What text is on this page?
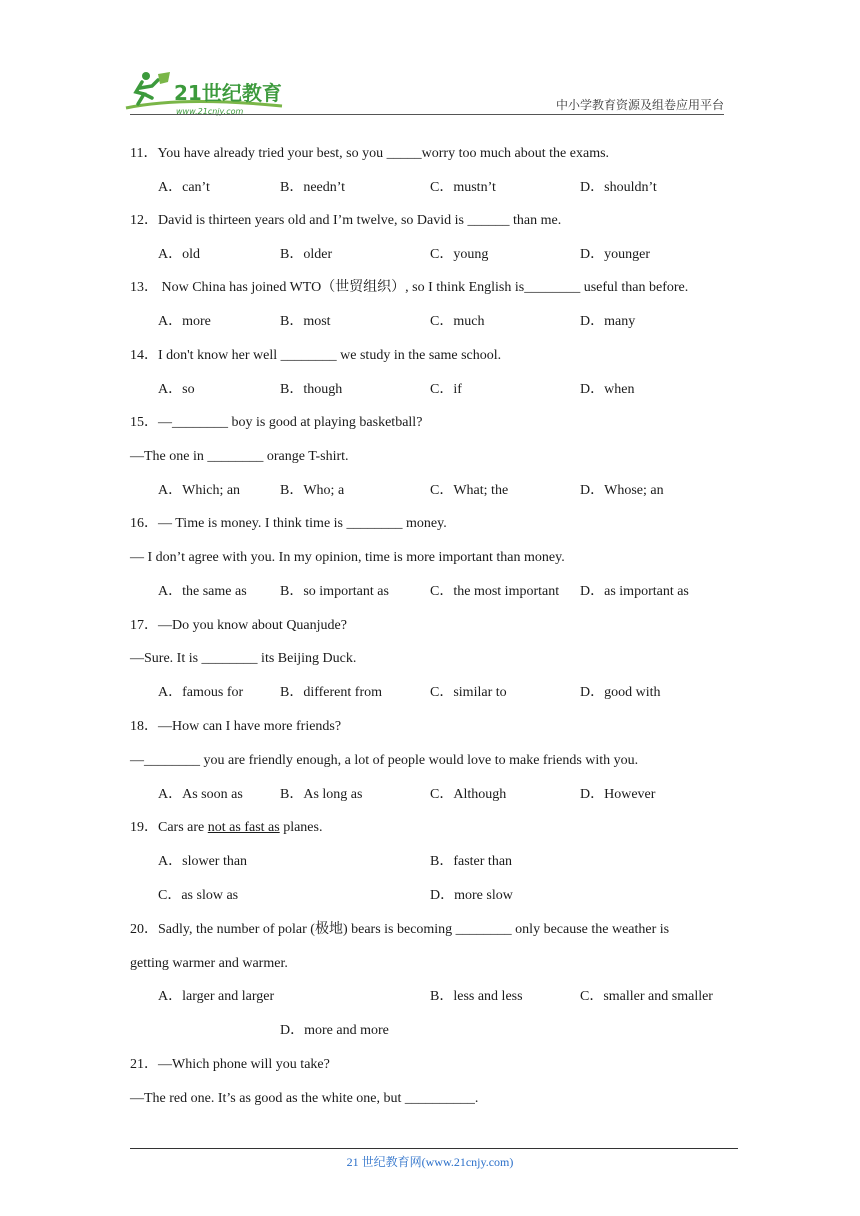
21世纪教育
www.21cnjy.com	中小学教育资源及组卷应用平台
11．You have already tried your best, so you _____worry too much about the exams.
A．can’t	B．needn’t	C．mustn’t	D．shouldn’t
12．David is thirteen years old and I’m twelve, so David is ______ than me.
A．old	B．older	C．young	D．younger
13． Now China has joined WTO（世贸组织）, so I think English is________ useful than before.
A．more	B．most	C．much	D．many
14．I don't know her well ________ we study in the same school.
A．so	B．though	C．if	D．when
15．—________ boy is good at playing basketball?
—The one in ________ orange T-shirt.
A．Which; an	B．Who; a	C．What; the	D．Whose; an
16．— Time is money. I think time is ________ money.
— I don’t agree with you. In my opinion, time is more important than money.
A．the same as B．so important as	C．the most important D．as important as
17．—Do you know about Quanjude?
—Sure. It is ________ its Beijing Duck.
A．famous for	B．different from	C．similar to	D．good with
18．—How can I have more friends?
—________ you are friendly enough, a lot of people would love to make friends with you.
A．As soon as	B．As long as	C．Although	D．However
19．Cars are not as fast as planes.
A．slower than	B．faster than
C．as slow as	D．more slow
20．Sadly, the number of polar (极地) bears is becoming ________ only because the weather is
getting warmer and warmer.
A．larger and larger	B．less and less	C．smaller and smaller
D．more and more
21．—Which phone will you take?
—The red one. It’s as good as the white one, but __________.
21 世纪教育网(www.21cnjy.com)
